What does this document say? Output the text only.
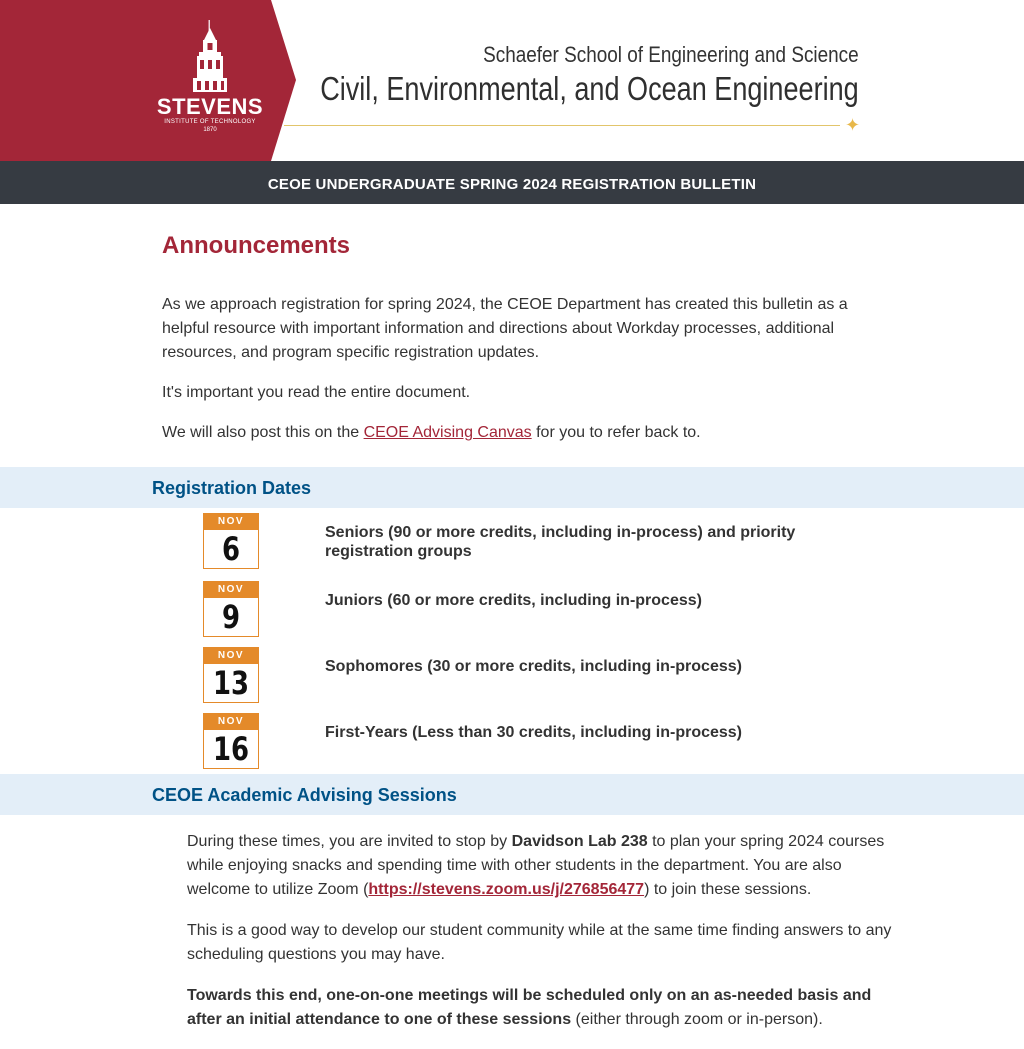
STEVENS
INSTITUTE OF TECHNOLOGY
1870
Schaefer School of Engineering and Science
Civil, Environmental, and Ocean Engineering
✦
CEOE UNDERGRADUATE SPRING 2024 REGISTRATION BULLETIN
Announcements

As we approach registration for spring 2024, the CEOE Department has created this bulletin as a helpful resource with important information and directions about Workday processes, additional resources, and program specific registration updates.

It's important you read the entire document.

We will also post this on the CEOE Advising Canvas for you to refer back to.

Registration Dates
NOV
6	Seniors (90 or more credits, including in-process) and priority registration groups
NOV
9	Juniors (60 or more credits, including in-process)
NOV
13	Sophomores (30 or more credits, including in-process)
NOV
16	First-Years (Less than 30 credits, including in-process)
CEOE Academic Advising Sessions

During these times, you are invited to stop by Davidson Lab 238 to plan your spring 2024 courses while enjoying snacks and spending time with other students in the department. You are also welcome to utilize Zoom (https://stevens.zoom.us/j/276856477) to join these sessions.

This is a good way to develop our student community while at the same time finding answers to any scheduling questions you may have.

Towards this end, one-on-one meetings will be scheduled only on an as-needed basis and after an initial attendance to one of these sessions (either through zoom or in-person).
